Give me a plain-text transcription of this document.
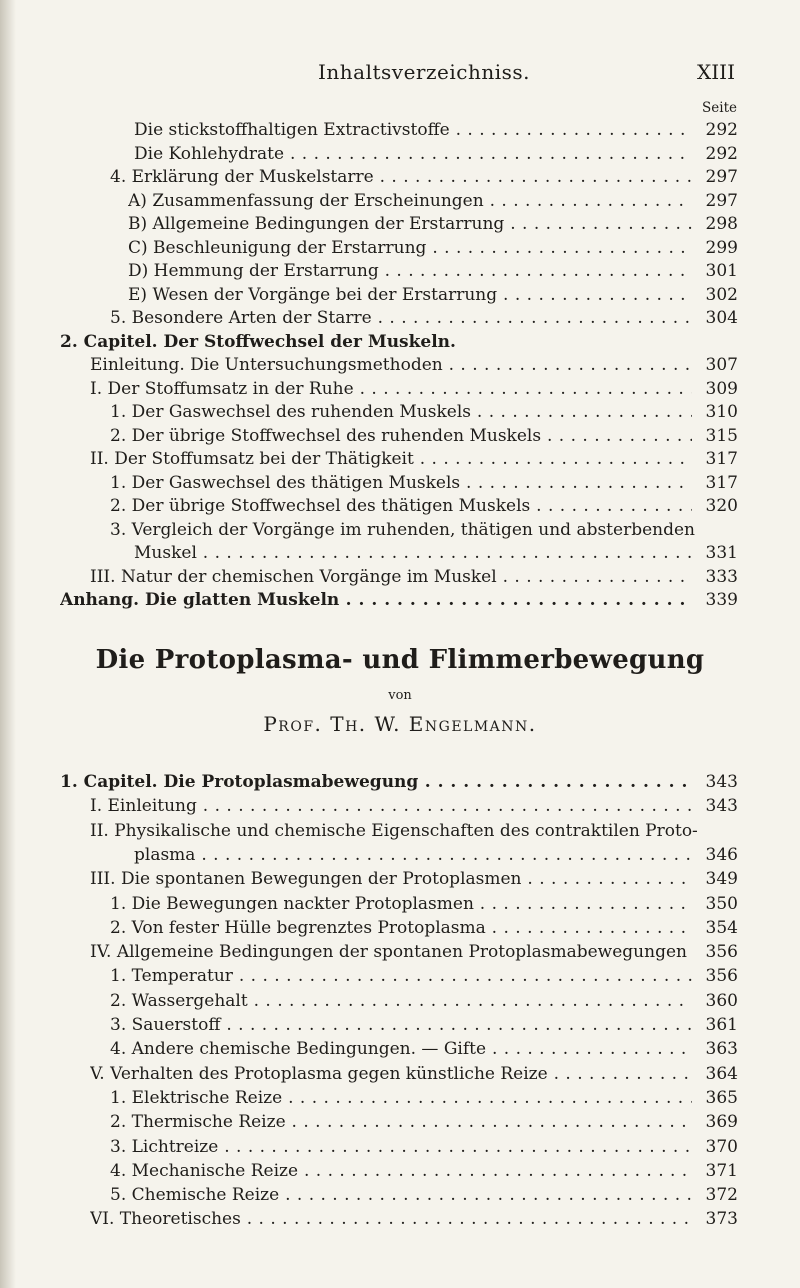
Inhaltsverzeichniss.	XIII
Seite
Die stickstoffhaltigen Extractivstoffe . . .	292
Die Kohlehydrate . . .	292
4. Erklärung der Muskelstarre . . .	297
A) Zusammenfassung der Erscheinungen . . .	297
B) Allgemeine Bedingungen der Erstarrung . . .	298
C) Beschleunigung der Erstarrung . . .	299
D) Hemmung der Erstarrung . . .	301
E) Wesen der Vorgänge bei der Erstarrung . . .	302
5. Besondere Arten der Starre . . .	304
2. Capitel. Der Stoffwechsel der Muskeln.
Einleitung. Die Untersuchungsmethoden . . .	307
I. Der Stoffumsatz in der Ruhe . . .	309
1. Der Gaswechsel des ruhenden Muskels . . .	310
2. Der übrige Stoffwechsel des ruhenden Muskels . . .	315
II. Der Stoffumsatz bei der Thätigkeit . . .	317
1. Der Gaswechsel des thätigen Muskels . . .	317
2. Der übrige Stoffwechsel des thätigen Muskels . . .	320
3. Vergleich der Vorgänge im ruhenden, thätigen und absterbenden
Muskel . . .	331
III. Natur der chemischen Vorgänge im Muskel . . .	333
Anhang. Die glatten Muskeln . . .	339
Die Protoplasma- und Flimmerbewegung
von
Prof. Th. W. Engelmann.
1. Capitel. Die Protoplasmabewegung . . .	343
I. Einleitung . . .	343
II. Physikalische und chemische Eigenschaften des contraktilen Proto-
plasma . . .	346
III. Die spontanen Bewegungen der Protoplasmen . . .	349
1. Die Bewegungen nackter Protoplasmen . . .	350
2. Von fester Hülle begrenztes Protoplasma . . .	354
IV. Allgemeine Bedingungen der spontanen Protoplasmabewegungen . . .	356
1. Temperatur . . .	356
2. Wassergehalt . . .	360
3. Sauerstoff . . .	361
4. Andere chemische Bedingungen. — Gifte . . .	363
V. Verhalten des Protoplasma gegen künstliche Reize . . .	364
1. Elektrische Reize . . .	365
2. Thermische Reize . . .	369
3. Lichtreize . . .	370
4. Mechanische Reize . . .	371
5. Chemische Reize . . .	372
VI. Theoretisches . . .	373
